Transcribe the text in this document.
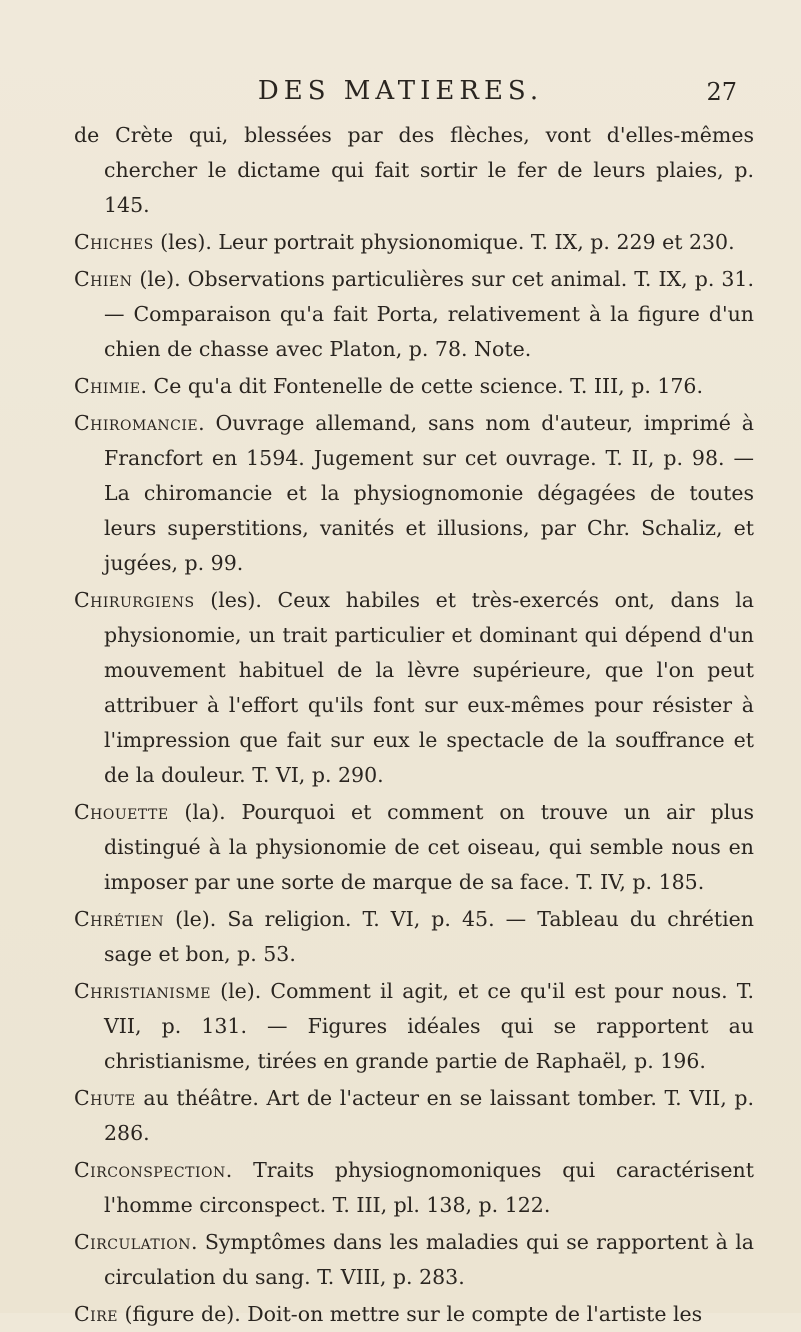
DES MATIERES.	27

de Crète qui, blessées par des flèches, vont d'elles-mêmes chercher le dictame qui fait sortir le fer de leurs plaies, p. 145.

Chiches (les). Leur portrait physionomique. T. IX, p. 229 et 230.

Chien (le). Observations particulières sur cet animal. T. IX, p. 31. — Comparaison qu'a fait Porta, relativement à la figure d'un chien de chasse avec Platon, p. 78. Note.

Chimie. Ce qu'a dit Fontenelle de cette science. T. III, p. 176.

Chiromancie. Ouvrage allemand, sans nom d'auteur, imprimé à Francfort en 1594. Jugement sur cet ouvrage. T. II, p. 98. — La chiromancie et la physiognomonie dégagées de toutes leurs superstitions, vanités et illusions, par Chr. Schaliz, et jugées, p. 99.

Chirurgiens (les). Ceux habiles et très-exercés ont, dans la physionomie, un trait particulier et dominant qui dépend d'un mouvement habituel de la lèvre supérieure, que l'on peut attribuer à l'effort qu'ils font sur eux-mêmes pour résister à l'impression que fait sur eux le spectacle de la souffrance et de la douleur. T. VI, p. 290.

Chouette (la). Pourquoi et comment on trouve un air plus distingué à la physionomie de cet oiseau, qui semble nous en imposer par une sorte de marque de sa face. T. IV, p. 185.

Chrétien (le). Sa religion. T. VI, p. 45. — Tableau du chrétien sage et bon, p. 53.

Christianisme (le). Comment il agit, et ce qu'il est pour nous. T. VII, p. 131. — Figures idéales qui se rapportent au christianisme, tirées en grande partie de Raphaël, p. 196.

Chute au théâtre. Art de l'acteur en se laissant tomber. T. VII, p. 286.

Circonspection. Traits physiognomoniques qui caractérisent l'homme circonspect. T. III, pl. 138, p. 122.

Circulation. Symptômes dans les maladies qui se rapportent à la circulation du sang. T. VIII, p. 283.

Cire (figure de). Doit-on mettre sur le compte de l'artiste les
